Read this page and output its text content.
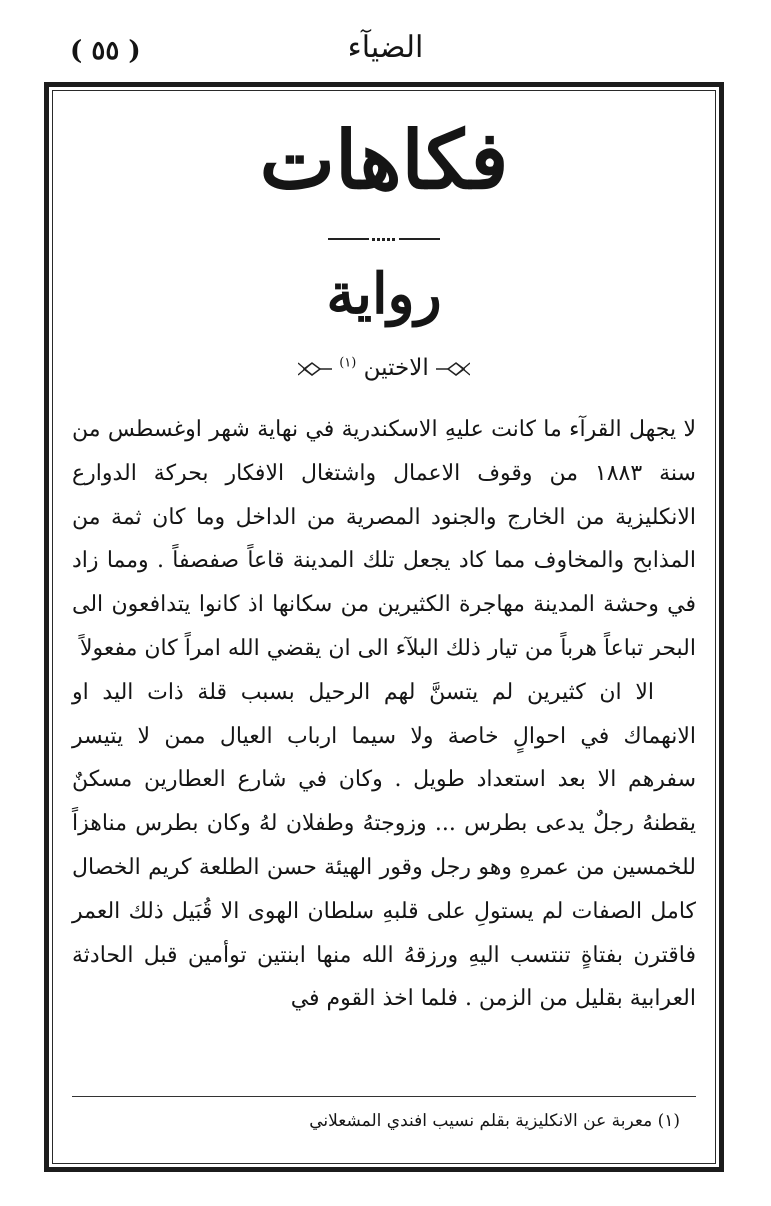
الضيآء
( ٥٥ )
فكاهات
رواية
الاختين $^{(١)}$

لا يجهل القرآء ما كانت عليهِ الاسكندرية في نهاية شهر اوغسطس من سنة ١٨٨٣ من وقوف الاعمال واشتغال الافكار بحركة الدوارع الانكليزية من الخارج والجنود المصرية من الداخل وما كان ثمة من المذابح والمخاوف مما كاد يجعل تلك المدينة قاعاً صفصفاً . ومما زاد في وحشة المدينة مهاجرة الكثيرين من سكانها اذ كانوا يتدافعون الى البحر تباعاً هرباً من تيار ذلك البلآء الى ان يقضي الله امراً كان مفعولاً

الا ان كثيرين لم يتسنَّ لهم الرحيل بسبب قلة ذات اليد او الانهماك في احوالٍ خاصة ولا سيما ارباب العيال ممن لا يتيسر سفرهم الا بعد استعداد طويل . وكان في شارع العطارين مسكنٌ يقطنهُ رجلٌ يدعى بطرس ... وزوجتهُ وطفلان لهُ وكان بطرس مناهزاً للخمسين من عمرهِ وهو رجل وقور الهيئة حسن الطلعة كريم الخصال كامل الصفات لم يستولِ على قلبهِ سلطان الهوى الا قُبَيل ذلك العمر فاقترن بفتاةٍ تنتسب اليهِ ورزقهُ الله منها ابنتين توأمين قبل الحادثة العرابية بقليل من الزمن . فلما اخذ القوم في

(١) معربة عن الانكليزية بقلم نسيب افندي المشعلاني
